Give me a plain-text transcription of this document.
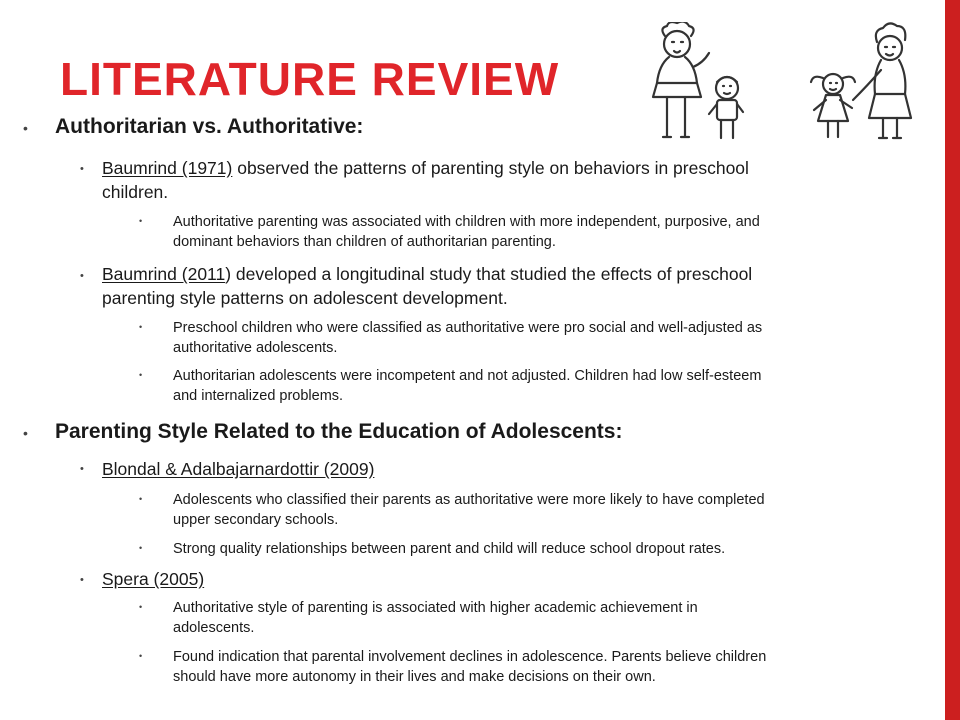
LITERATURE REVIEW
• Authoritarian vs. Authoritative:
• Baumrind (1971) observed the patterns of parenting style on behaviors in preschool
children.
• Authoritative parenting was associated with children with more independent, purposive, and
dominant behaviors than children of authoritarian parenting.
• Baumrind (2011) developed a longitudinal study that studied the effects of preschool
parenting style patterns on adolescent development.
• Preschool children who were classified as authoritative were pro social and well-adjusted as
authoritative adolescents.
• Authoritarian adolescents were incompetent and not adjusted. Children had low self-esteem
and internalized problems.
• Parenting Style Related to the Education of Adolescents:
• Blondal & Adalbajarnardottir (2009)
• Adolescents who classified their parents as authoritative were more likely to have completed
upper secondary schools.
• Strong quality relationships between parent and child will reduce school dropout rates.
• Spera (2005)
• Authoritative style of parenting is associated with higher academic achievement in
adolescents.
• Found indication that parental involvement declines in adolescence. Parents believe children
should have more autonomy in their lives and make decisions on their own.
